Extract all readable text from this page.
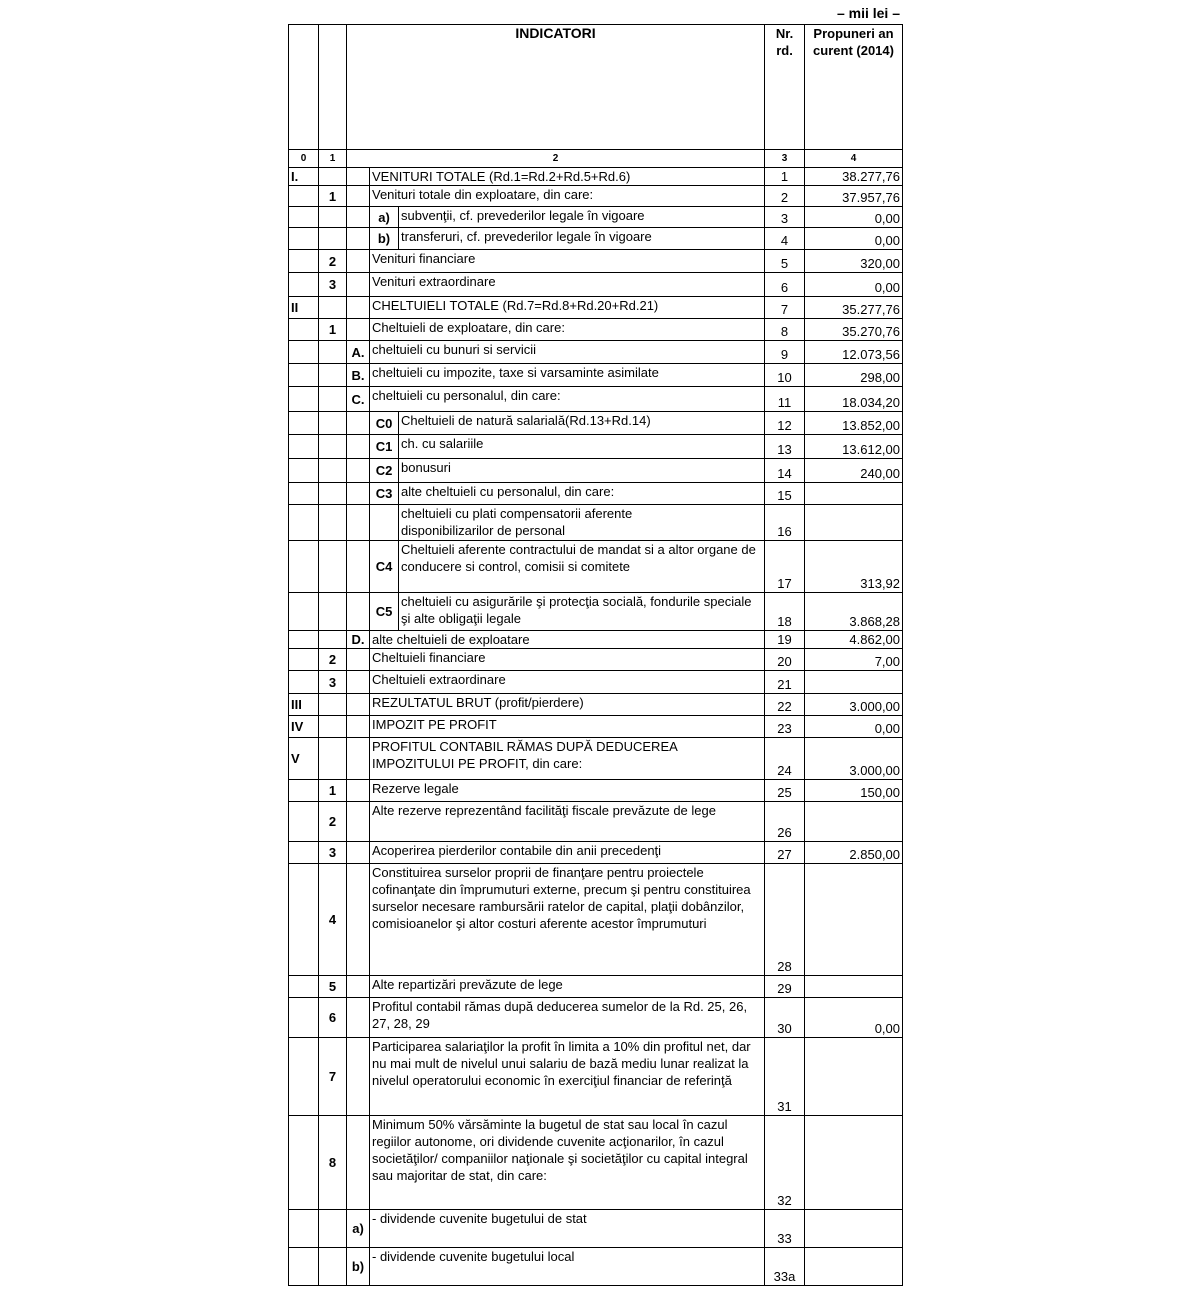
– mii lei –
		INDICATORI			Nr. rd.	Propuneri an curent (2014)
0	1	2			3	4
I.			VENITURI TOTALE (Rd.1=Rd.2+Rd.5+Rd.6)		1	38.277,76
	1		Venituri totale din exploatare, din care:		2	37.957,76
			a)	subvenţii, cf. prevederilor legale în vigoare	3	0,00
			b)	transferuri, cf. prevederilor legale în vigoare	4	0,00
	2		Venituri financiare		5	320,00
	3		Venituri extraordinare		6	0,00
II			CHELTUIELI TOTALE (Rd.7=Rd.8+Rd.20+Rd.21)		7	35.277,76
	1		Cheltuieli de exploatare, din care:		8	35.270,76
		A.	cheltuieli cu bunuri si servicii		9	12.073,56
		B.	cheltuieli cu impozite, taxe si varsaminte asimilate		10	298,00
		C.	cheltuieli cu personalul, din care:		11	18.034,20
			C0	Cheltuieli de natură salarială(Rd.13+Rd.14)	12	13.852,00
			C1	ch. cu salariile	13	13.612,00
			C2	bonusuri	14	240,00
			C3	alte cheltuieli cu personalul, din care:	15	
				cheltuieli cu plati compensatorii aferente
disponibilizarilor de personal	16	
			C4	Cheltuieli aferente contractului de mandat si a altor organe de conducere si control, comisii si comitete	17	313,92
			C5	cheltuieli cu asigurările şi protecţia socială, fondurile speciale şi alte obligaţii legale	18	3.868,28
		D.	alte cheltuieli de exploatare		19	4.862,00
	2		Cheltuieli financiare		20	7,00
	3		Cheltuieli extraordinare		21	
III			REZULTATUL BRUT (profit/pierdere)		22	3.000,00
IV			IMPOZIT PE PROFIT		23	0,00
V			PROFITUL CONTABIL RĂMAS DUPĂ DEDUCEREA IMPOZITULUI PE PROFIT, din care:		24	3.000,00
	1		Rezerve legale		25	150,00
	2		Alte rezerve reprezentând facilităţi fiscale prevăzute de lege		26	
	3		Acoperirea pierderilor contabile din anii precedenţi		27	2.850,00
	4		Constituirea surselor proprii de finanţare pentru proiectele cofinanţate din împrumuturi externe, precum şi pentru constituirea surselor necesare rambursării ratelor de capital, plaţii dobânzilor, comisioanelor şi altor costuri aferente acestor împrumuturi		28	
	5		Alte repartizări prevăzute de lege		29	
	6		Profitul contabil rămas după deducerea sumelor de la Rd. 25, 26, 27, 28, 29		30	0,00
	7		Participarea salariaţilor la profit în limita a 10% din profitul net, dar nu mai mult de nivelul unui salariu de bază mediu lunar realizat la nivelul operatorului economic în exerciţiul financiar de referinţă		31	
	8		Minimum 50% vărsăminte la bugetul de stat sau local în cazul regiilor autonome, ori dividende cuvenite acţionarilor, în cazul societăţilor/ companiilor naţionale şi societăţilor cu capital integral sau majoritar de stat, din care:		32	
		a)	- dividende cuvenite bugetului de stat		33	
		b)	- dividende cuvenite bugetului local		33a	
